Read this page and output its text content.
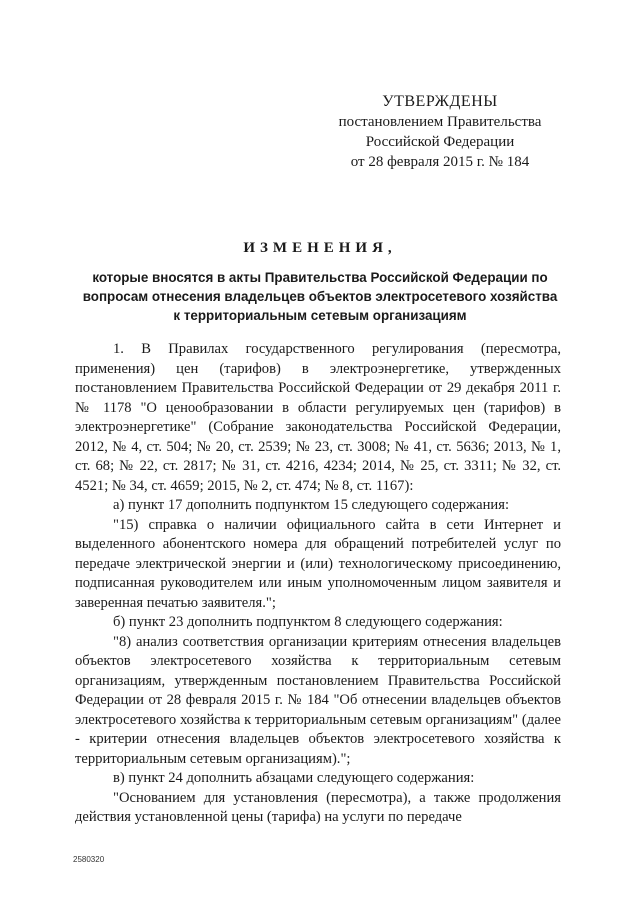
УТВЕРЖДЕНЫ
постановлением Правительства
Российской Федерации
от 28 февраля 2015 г. № 184
ИЗМЕНЕНИЯ,
которые вносятся в акты Правительства Российской Федерации по вопросам отнесения владельцев объектов электросетевого хозяйства к территориальным сетевым организациям

1. В Правилах государственного регулирования (пересмотра, применения) цен (тарифов) в электроэнергетике, утвержденных постановлением Правительства Российской Федерации от 29 декабря 2011 г. № 1178 "О ценообразовании в области регулируемых цен (тарифов) в электроэнергетике" (Собрание законодательства Российской Федерации, 2012, № 4, ст. 504; № 20, ст. 2539; № 23, ст. 3008; № 41, ст. 5636; 2013, № 1, ст. 68; № 22, ст. 2817; № 31, ст. 4216, 4234; 2014, № 25, ст. 3311; № 32, ст. 4521; № 34, ст. 4659; 2015, № 2, ст. 474; № 8, ст. 1167):

а) пункт 17 дополнить подпунктом 15 следующего содержания:

"15) справка о наличии официального сайта в сети Интернет и выделенного абонентского номера для обращений потребителей услуг по передаче электрической энергии и (или) технологическому присоединению, подписанная руководителем или иным уполномоченным лицом заявителя и заверенная печатью заявителя.";

б) пункт 23 дополнить подпунктом 8 следующего содержания:

"8) анализ соответствия организации критериям отнесения владельцев объектов электросетевого хозяйства к территориальным сетевым организациям, утвержденным постановлением Правительства Российской Федерации от 28 февраля 2015 г. № 184 "Об отнесении владельцев объектов электросетевого хозяйства к территориальным сетевым организациям" (далее - критерии отнесения владельцев объектов электросетевого хозяйства к территориальным сетевым организациям).";

в) пункт 24 дополнить абзацами следующего содержания:

"Основанием для установления (пересмотра), а также продолжения действия установленной цены (тарифа) на услуги по передаче

2580320
